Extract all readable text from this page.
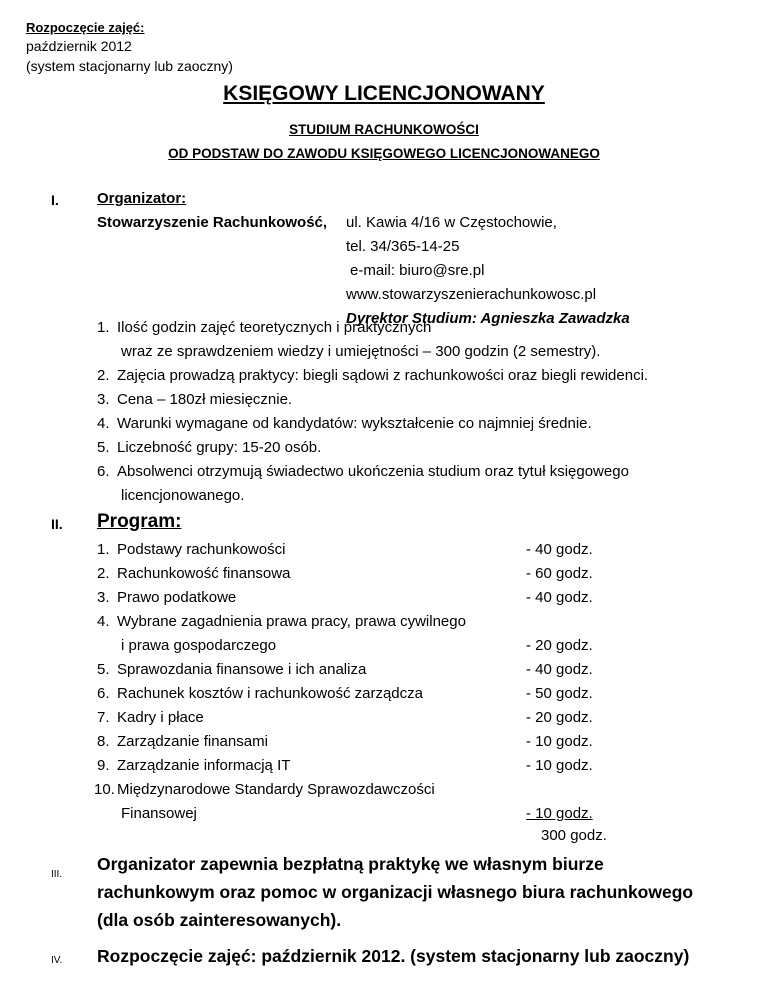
Rozpoczęcie zajęć:
październik 2012
(system stacjonarny lub zaoczny)
KSIĘGOWY LICENCJONOWANY
STUDIUM RACHUNKOWOŚCI
OD PODSTAW DO ZAWODU KSIĘGOWEGO LICENCJONOWANEGO
I.	Organizator:
Stowarzyszenie Rachunkowość, ul. Kawia 4/16 w Częstochowie,
tel. 34/365-14-25
e-mail: biuro@sre.pl
www.stowarzyszenierachunkowosc.pl
Dyrektor Studium: Agnieszka Zawadzka
1. Ilość godzin zajęć teoretycznych i praktycznych
wraz ze sprawdzeniem wiedzy i umiejętności – 300 godzin (2 semestry).
2. Zajęcia prowadzą praktycy: biegli sądowi z rachunkowości oraz biegli rewidenci.
3. Cena – 180zł miesięcznie.
4. Warunki wymagane od kandydatów: wykształcenie co najmniej średnie.
5. Liczebność grupy: 15-20 osób.
6. Absolwenci otrzymują świadectwo ukończenia studium oraz tytuł księgowego
licencjonowanego.
II. Program:
1. Podstawy rachunkowości
2. Rachunkowość finansowa
3. Prawo podatkowe
4. Wybrane zagadnienia prawa pracy, prawa cywilnego
i prawa gospodarczego
5. Sprawozdania finansowe i ich analiza
6. Rachunek kosztów i rachunkowość zarządcza
7. Kadry i płace
8. Zarządzanie finansami
9. Zarządzanie informacją IT
10. Międzynarodowe Standardy Sprawozdawczości
Finansowej
- 40 godz.
- 60 godz.
- 40 godz.
- 20 godz.
- 40 godz.
- 50 godz.
- 20 godz.
- 10 godz.
- 10 godz.
- 10 godz.
300 godz.
III.
Organizator zapewnia bezpłatną praktykę we własnym biurze
rachunkowym oraz pomoc w organizacji własnego biura rachunkowego
(dla osób zainteresowanych).
IV. Rozpoczęcie zajęć: październik 2012. (system stacjonarny lub zaoczny)
